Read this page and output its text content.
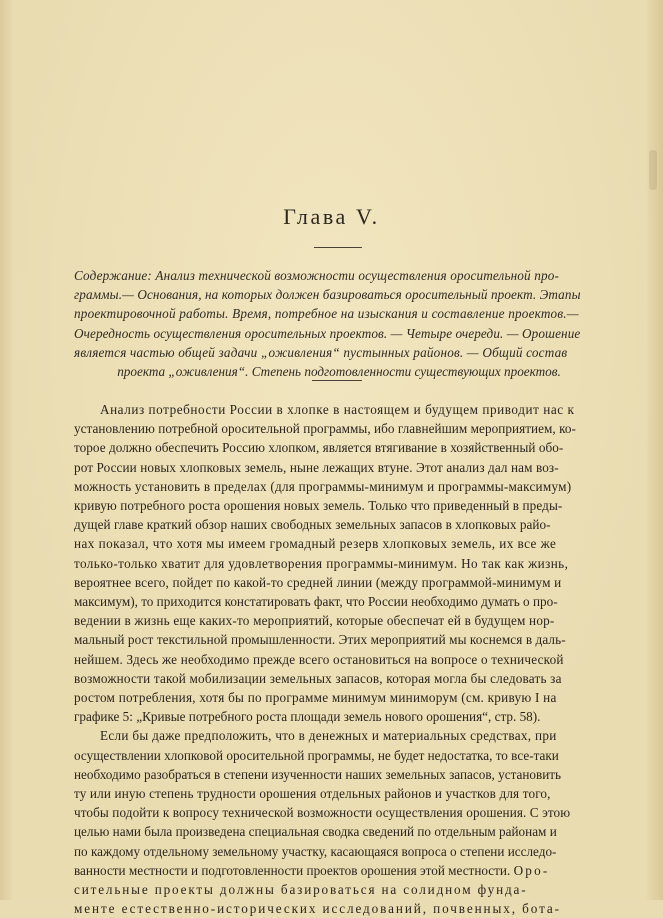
Глава V.
Содержание: Анализ технической возможности осуществления оросительной про-
граммы.— Основания, на которых должен базироваться оросительный проект. Этапы
проектировочной работы. Время, потребное на изыскания и составление проектов.—
Очередность осуществления оросительных проектов. — Четыре очереди. — Орошение
является частью общей задачи „оживления“ пустынных районов. — Общий состав
проекта „оживления“. Степень подготовленности существующих проектов.
Анализ потребности России в хлопке в настоящем и будущем приводит нас к
установлению потребной оросительной программы, ибо главнейшим мероприятием, ко-
торое должно обеспечить Россию хлопком, является втягивание в хозяйственный обо-
рот России новых хлопковых земель, ныне лежащих втуне. Этот анализ дал нам воз-
можность установить в пределах (для программы-минимум и программы-максимум)
кривую потребного роста орошения новых земель. Только что приведенный в преды-
дущей главе краткий обзор наших свободных земельных запасов в хлопковых райо-
нах показал, что хотя мы имеем громадный резерв хлопковых земель, их все же
только-только хватит для удовлетворения программы-минимум. Но так как жизнь,
вероятнее всего, пойдет по какой-то средней линии (между программой-минимум и
максимум), то приходится констатировать факт, что России необходимо думать о про-
ведении в жизнь еще каких-то мероприятий, которые обеспечат ей в будущем нор-
мальный рост текстильной промышленности. Этих мероприятий мы коснемся в даль-
нейшем. Здесь же необходимо прежде всего остановиться на вопросе о технической
возможности такой мобилизации земельных запасов, которая могла бы следовать за
ростом потребления, хотя бы по программе минимум миниморум (см. кривую I на
графике 5: „Кривые потребного роста площади земель нового орошения“, стр. 58).
Если бы даже предположить, что в денежных и материальных средствах, при
осуществлении хлопковой оросительной программы, не будет недостатка, то все-таки
необходимо разобраться в степени изученности наших земельных запасов, установить
ту или иную степень трудности орошения отдельных районов и участков для того,
чтобы подойти к вопросу технической возможности осуществления орошения. С этою
целью нами была произведена специальная сводка сведений по отдельным районам и
по каждому отдельному земельному участку, касающаяся вопроса о степени исследо-
ванности местности и подготовленности проектов орошения этой местности. Оро-
сительные проекты должны базироваться на солидном фунда-
менте естественно-исторических исследований, почвенных, бота-
